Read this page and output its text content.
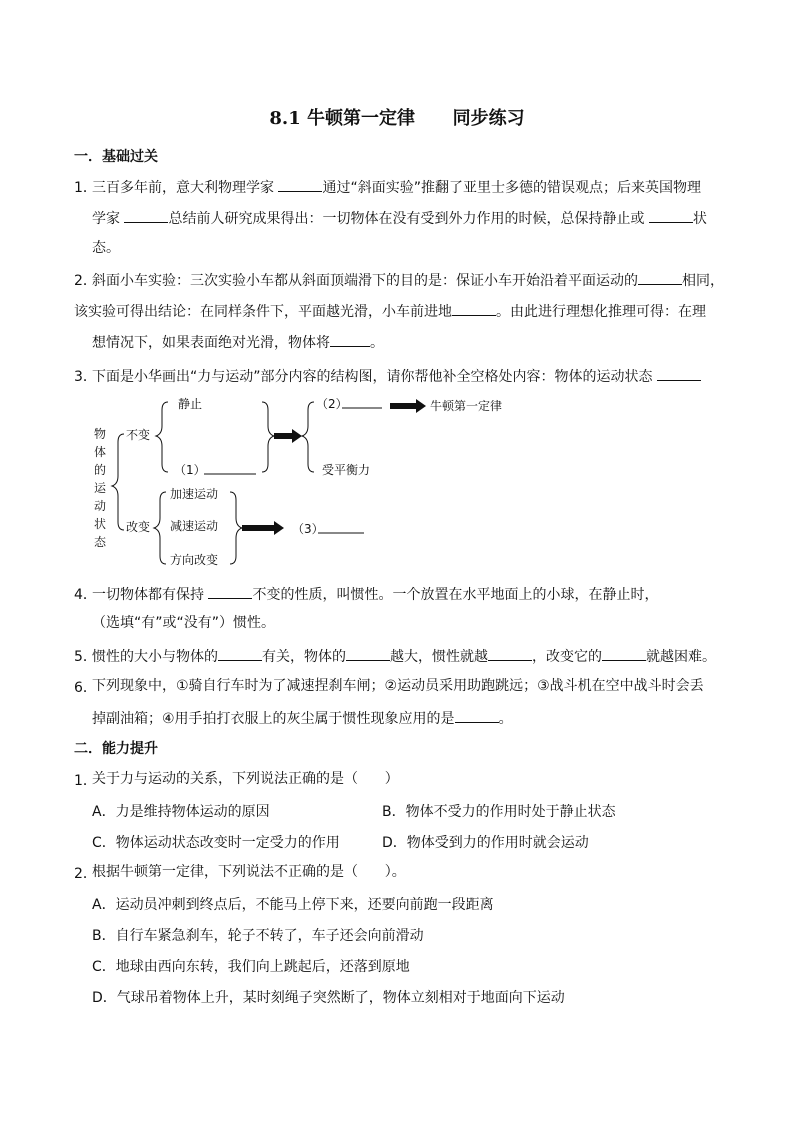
8.1 牛顿第一定律      同步练习
一．基础过关
1．
三百多年前，意大利物理学家	通过“斜面实验”推翻了亚里士多德的错误观点；后来英国物理
学家	总结前人研究成果得出：一切物体在没有受到外力作用的时候，总保持静止或	状
态。
2．
斜面小车实验：三次实验小车都从斜面顶端滑下的目的是：保证小车开始沿着平面运动的	相同，
该实验可得出结论：在同样条件下，平面越光滑，小车前进地	。由此进行理想化推理可得：在理
想情况下，如果表面绝对光滑，物体将	。
3．
下面是小华画出“力与运动”部分内容的结构图，请你帮他补全空格处内容：物体的运动状态
物
体
的
运
动
状
态
不变
改变
静止
（1）
（2）	牛顿第一定律
受平衡力
加速运动
减速运动
方向改变
（3）
4．
一切物体都有保持	不变的性质，叫惯性。一个放置在水平地面上的小球，在静止时，
（选填“有”或“没有”）惯性。
5．
惯性的大小与物体的	有关，物体的	越大，惯性就越	，改变它的	就越困难。
6．
下列现象中，①骑自行车时为了减速捏刹车闸；②运动员采用助跑跳远；③战斗机在空中战斗时会丢
掉副油箱；④用手拍打衣服上的灰尘属于惯性现象应用的是	。
二．能力提升
1．
关于力与运动的关系，下列说法正确的是（      ）
A．力是维持物体运动的原因	B．物体不受力的作用时处于静止状态
C．物体运动状态改变时一定受力的作用	D．物体受到力的作用时就会运动
2．
根据牛顿第一定律，下列说法不正确的是（      ）。
A．运动员冲刺到终点后，不能马上停下来，还要向前跑一段距离
B．自行车紧急刹车，轮子不转了，车子还会向前滑动
C．地球由西向东转，我们向上跳起后，还落到原地
D．气球吊着物体上升，某时刻绳子突然断了，物体立刻相对于地面向下运动
